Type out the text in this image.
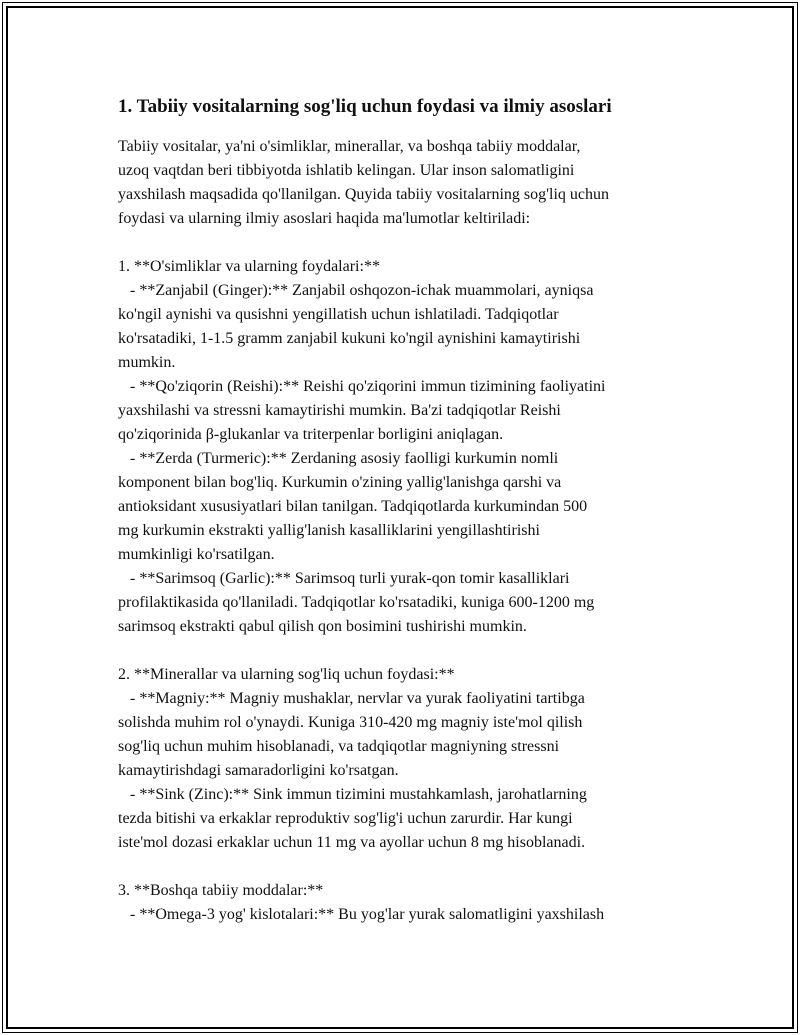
1. Tabiiy vositalarning sog'liq uchun foydasi va ilmiy asoslari
Tabiiy vositalar, ya'ni o'simliklar, minerallar, va boshqa tabiiy moddalar,
uzoq vaqtdan beri tibbiyotda ishlatib kelingan. Ular inson salomatligini
yaxshilash maqsadida qo'llanilgan. Quyida tabiiy vositalarning sog'liq uchun
foydasi va ularning ilmiy asoslari haqida ma'lumotlar keltiriladi:

1. **O'simliklar va ularning foydalari:**
- **Zanjabil (Ginger):** Zanjabil oshqozon-ichak muammolari, ayniqsa
ko'ngil aynishi va qusishni yengillatish uchun ishlatiladi. Tadqiqotlar
ko'rsatadiki, 1-1.5 gramm zanjabil kukuni ko'ngil aynishini kamaytirishi
mumkin.
- **Qo'ziqorin (Reishi):** Reishi qo'ziqorini immun tizimining faoliyatini
yaxshilashi va stressni kamaytirishi mumkin. Ba'zi tadqiqotlar Reishi
qo'ziqorinida β-glukanlar va triterpenlar borligini aniqlagan.
- **Zerda (Turmeric):** Zerdaning asosiy faolligi kurkumin nomli
komponent bilan bog'liq. Kurkumin o'zining yallig'lanishga qarshi va
antioksidant xususiyatlari bilan tanilgan. Tadqiqotlarda kurkumindan 500
mg kurkumin ekstrakti yallig'lanish kasalliklarini yengillashtirishi
mumkinligi ko'rsatilgan.
- **Sarimsoq (Garlic):** Sarimsoq turli yurak-qon tomir kasalliklari
profilaktikasida qo'llaniladi. Tadqiqotlar ko'rsatadiki, kuniga 600-1200 mg
sarimsoq ekstrakti qabul qilish qon bosimini tushirishi mumkin.

2. **Minerallar va ularning sog'liq uchun foydasi:**
- **Magniy:** Magniy mushaklar, nervlar va yurak faoliyatini tartibga
solishda muhim rol o'ynaydi. Kuniga 310-420 mg magniy iste'mol qilish
sog'liq uchun muhim hisoblanadi, va tadqiqotlar magniyning stressni
kamaytirishdagi samaradorligini ko'rsatgan.
- **Sink (Zinc):** Sink immun tizimini mustahkamlash, jarohatlarning
tezda bitishi va erkaklar reproduktiv sog'lig'i uchun zarurdir. Har kungi
iste'mol dozasi erkaklar uchun 11 mg va ayollar uchun 8 mg hisoblanadi.

3. **Boshqa tabiiy moddalar:**
- **Omega-3 yog' kislotalari:** Bu yog'lar yurak salomatligini yaxshilash
